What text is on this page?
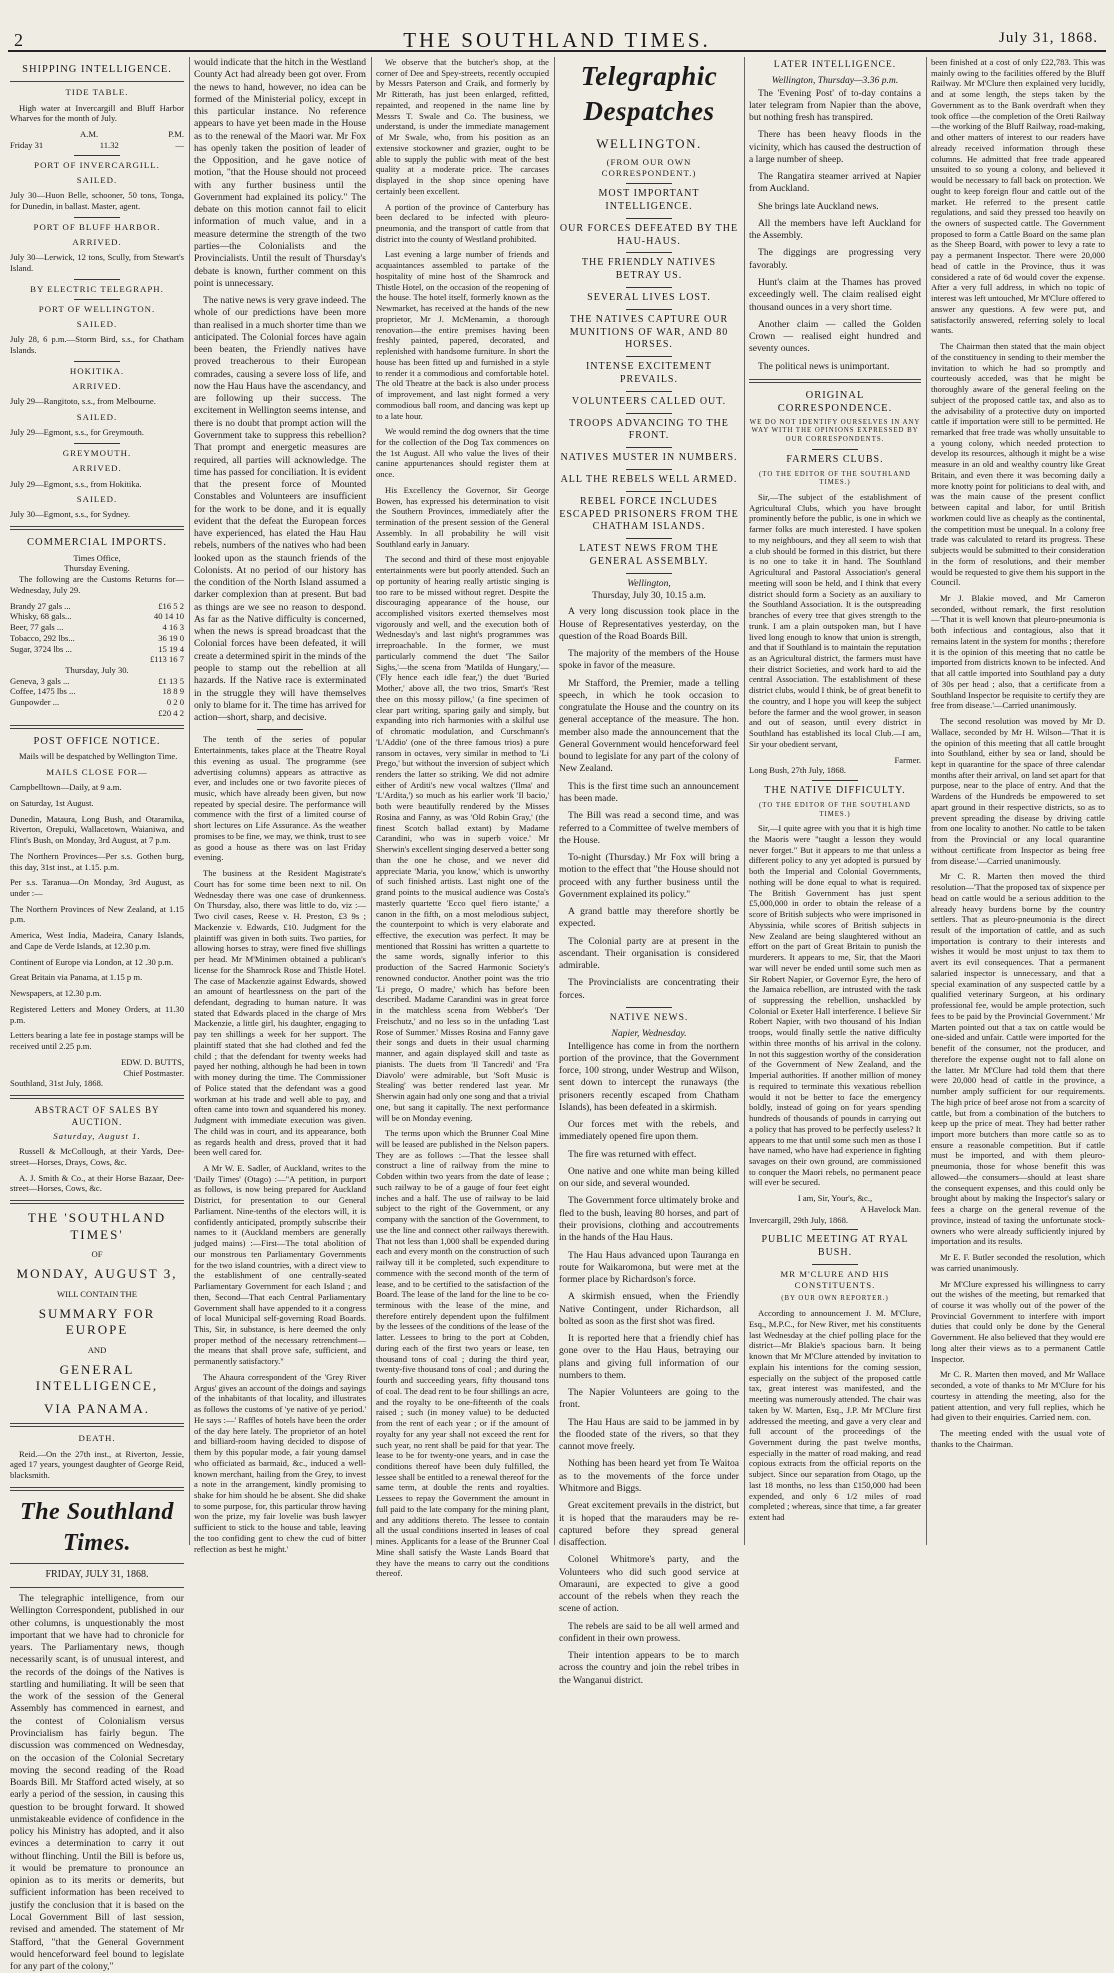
2	THE SOUTHLAND TIMES.	July 31, 1868.
SHIPPING INTELLIGENCE.
TIDE TABLE.

High water at Invercargill and Bluff Harbor Wharves for the month of July.

A.M.	P.M.
Friday 31	11.32	—
PORT OF INVERCARGILL.
SAILED.

July 30—Huon Belle, schooner, 50 tons, Tonga, for Dunedin, in ballast. Master, agent.

PORT OF BLUFF HARBOR.
ARRIVED.

July 30—Lerwick, 12 tons, Scully, from Stewart's Island.

BY ELECTRIC TELEGRAPH.
PORT OF WELLINGTON.
SAILED.

July 28, 6 p.m.—Storm Bird, s.s., for Chatham Islands.

HOKITIKA.
ARRIVED.

July 29—Rangitoto, s.s., from Melbourne.

SAILED.

July 29—Egmont, s.s., for Greymouth.

GREYMOUTH.
ARRIVED.

July 29—Egmont, s.s., from Hokitika.

SAILED.

July 30—Egmont, s.s., for Sydney.

COMMERCIAL IMPORTS.
Times Office,
Thursday Evening.

The following are the Customs Returns for—Wednesday, July 29.

Brandy 27 gals ...	£16 5 2
Whisky, 68 gals...	40 14 10
Beer, 77 gals ...	4 16 3
Tobacco, 292 lbs...	36 19 0
Sugar, 3724 lbs ...	15 19 4
£113 16 7
Thursday, July 30.
Geneva, 3 gals ...	£1 13 5
Coffee, 1475 lbs ...	18 8 9
Gunpowder ...	0 2 0
£20 4 2
POST OFFICE NOTICE.

Mails will be despatched by Wellington Time.

MAILS CLOSE FOR—

Campbelltown—Daily, at 9 a.m.

on Saturday, 1st August.

Dunedin, Mataura, Long Bush, and Otaramika, Riverton, Orepuki, Wallacetown, Waianiwa, and Flint's Bush, on Monday, 3rd August, at 7 p.m.

The Northern Provinces—Per s.s. Gothen burg, this day, 31st inst., at 1.15. p.m.

Per s.s. Taranua—On Monday, 3rd August, as under :—

The Northern Provinces of New Zealand, at 1.15 p.m.

America, West India, Madeira, Canary Islands, and Cape de Verde Islands, at 12.30 p.m.

Continent of Europe via London, at 12 .30 p.m.

Great Britain via Panama, at 1.15 p m.

Newspapers, at 12.30 p.m.

Registered Letters and Money Orders, at 11.30 p.m.

Letters bearing a late fee in postage stamps will be received until 2.25 p.m.

EDW. D. BUTTS,
Chief Postmaster.
Southland, 31st July, 1868.
ABSTRACT OF SALES BY AUCTION.
Saturday, August 1.

Russell & McCollough, at their Yards, Dee-street—Horses, Drays, Cows, &c.

A. J. Smith & Co., at their Horse Bazaar, Dee-street—Horses, Cows, &c.

THE 'SOUTHLAND TIMES'
OF
MONDAY, AUGUST 3,
WILL CONTAIN THE
SUMMARY FOR EUROPE
AND
GENERAL INTELLIGENCE,
VIA PANAMA.
DEATH.

Reid.—On the 27th inst., at Riverton, Jessie, aged 17 years, youngest daughter of George Reid, blacksmith.

The Southland Times.
FRIDAY, JULY 31, 1868.

The telegraphic intelligence, from our Wellington Correspondent, published in our other columns, is unquestionably the most important that we have had to chronicle for years. The Parliamentary news, though necessarily scant, is of unusual interest, and the records of the doings of the Natives is startling and humiliating. It will be seen that the work of the session of the General Assembly has commenced in earnest, and the contest of Colonialism versus Provincialism has fairly begun. The discussion was commenced on Wednesday, on the occasion of the Colonial Secretary moving the second reading of the Road Boards Bill. Mr Stafford acted wisely, at so early a period of the session, in causing this question to be brought forward. It showed unmistakeable evidence of confidence in the policy his Ministry has adopted, and it also evinces a determination to carry it out without flinching. Until the Bill is before us, it would be premature to pronounce an opinion as to its merits or demerits, but sufficient information has been received to justify the conclusion that it is based on the Local Government Bill of last session, revised and amended. The statement of Mr Stafford, "that the General Government would henceforward feel bound to legislate for any part of the colony,"

would indicate that the hitch in the Westland County Act had already been got over. From the news to hand, however, no idea can be formed of the Ministerial policy, except in this particular instance. No reference appears to have yet been made in the House as to the renewal of the Maori war. Mr Fox has openly taken the position of leader of the Opposition, and he gave notice of motion, "that the House should not proceed with any further business until the Government had explained its policy." The debate on this motion cannot fail to elicit information of much value, and in a measure determine the strength of the two parties—the Colonialists and the Provincialists. Until the result of Thursday's debate is known, further comment on this point is unnecessary.

The native news is very grave indeed. The whole of our predictions have been more than realised in a much shorter time than we anticipated. The Colonial forces have again been beaten, the Friendly natives have proved treacherous to their European comrades, causing a severe loss of life, and now the Hau Haus have the ascendancy, and are following up their success. The excitement in Wellington seems intense, and there is no doubt that prompt action will the Government take to suppress this rebellion? That prompt and energetic measures are required, all parties will acknowledge. The time has passed for conciliation. It is evident that the present force of Mounted Constables and Volunteers are insufficient for the work to be done, and it is equally evident that the defeat the European forces have experienced, has elated the Hau Hau rebels, numbers of the natives who had been looked upon as the staunch friends of the Colonists. At no period of our history has the condition of the North Island assumed a darker complexion than at present. But bad as things are we see no reason to despond. As far as the Native difficulty is concerned, when the news is spread broadcast that the Colonial forces have been defeated, it will create a determined spirit in the minds of the people to stamp out the rebellion at all hazards. If the Native race is exterminated in the struggle they will have themselves only to blame for it. The time has arrived for action—short, sharp, and decisive.

The tenth of the series of popular Entertainments, takes place at the Theatre Royal this evening as usual. The programme (see advertising columns) appears as attractive as ever, and includes one or two favorite pieces of music, which have already been given, but now repeated by special desire. The performance will commence with the first of a limited course of short lectures on Life Assurance. As the weather promises to be fine, we may, we think, trust to see as good a house as there was on last Friday evening.

The business at the Resident Magistrate's Court has for some time been next to nil. On Wednesday there was one case of drunkenness. On Thursday, also, there was little to do, viz :—Two civil cases, Reese v. H. Preston, £3 9s ; Mackenzie v. Edwards, £10. Judgment for the plaintiff was given in both suits. Two parties, for allowing horses to stray, were fined five shillings per head. Mr M'Minimen obtained a publican's license for the Shamrock Rose and Thistle Hotel. The case of Mackenzie against Edwards, showed an amount of heartlessness on the part of the defendant, degrading to human nature. It was stated that Edwards placed in the charge of Mrs Mackenzie, a little girl, his daughter, engaging to pay ten shillings a week for her support. The plaintiff stated that she had clothed and fed the child ; that the defendant for twenty weeks had payed her nothing, although he had been in town with money during the time. The Commissioner of Police stated that the defendant was a good workman at his trade and well able to pay, and often came into town and squandered his money. Judgment with immediate execution was given. The child was in court, and its appearance, both as regards health and dress, proved that it had been well cared for.

A Mr W. E. Sadler, of Auckland, writes to the 'Daily Times' (Otago) :—"A petition, in purport as follows, is now being prepared for Auckland District, for presentation to our General Parliament. Nine-tenths of the electors will, it is confidently anticipated, promptly subscribe their names to it (Auckland members are generally judged mains) :—First—The total abolition of our monstrous ten Parliamentary Governments for the two island countries, with a direct view to the establishment of one centrally-seated Parliamentary Government for each Island ; and then, Second—That each Central Parliamentary Government shall have appended to it a congress of local Municipal self-governing Road Boards. This, Sir, in substance, is here deemed the only proper method of the necessary retrenchment—the means that shall prove safe, sufficient, and permanently satisfactory."

The Ahaura correspondent of the 'Grey River Argus' gives an account of the doings and sayings of the inhabitants of that locality, and illustrates as follows the customs of 'ye native of ye period.' He says :—' Raffles of hotels have been the order of the day here lately. The proprietor of an hotel and billiard-room having decided to dispose of them by this popular mode, a fair young damsel who officiated as barmaid, &c., induced a well-known merchant, hailing from the Grey, to invest a note in the arrangement, kindly promising to shake for him should he be absent. She did shake to some purpose, for, this particular throw having won the prize, my fair lovelie was bush lawyer sufficient to stick to the house and table, leaving the too confiding gent to chew the cud of bitter reflection as best he might.'

We observe that the butcher's shop, at the corner of Dee and Spey-streets, recently occupied by Messrs Paterson and Craik, and formerly by Mr Ritterath, has just been enlarged, refitted, repainted, and reopened in the name line by Messrs T. Swale and Co. The business, we understand, is under the immediate management of Mr Swale, who, from his position as an extensive stockowner and grazier, ought to be able to supply the public with meat of the best quality at a moderate price. The carcases displayed in the shop since opening have certainly been excellent.

A portion of the province of Canterbury has been declared to be infected with pleuro-pneumonia, and the transport of cattle from that district into the county of Westland prohibited.

Last evening a large number of friends and acquaintances assembled to partake of the hospitality of mine host of the Shamrock and Thistle Hotel, on the occasion of the reopening of the house. The hotel itself, formerly known as the Newmarket, has received at the hands of the new proprietor, Mr J. McMenamin, a thorough renovation—the entire premises having been freshly painted, papered, decorated, and replenished with handsome furniture. In short the house has been fitted up and furnished in a style to render it a commodious and comfortable hotel. The old Theatre at the back is also under process of improvement, and last night formed a very commodious ball room, and dancing was kept up to a late hour.

We would remind the dog owners that the time for the collection of the Dog Tax commences on the 1st August. All who value the lives of their canine appurtenances should register them at once.

His Excellency the Governor, Sir George Bowen, has expressed his determination to visit the Southern Provinces, immediately after the termination of the present session of the General Assembly. In all probability he will visit Southland early in January.

The second and third of these most enjoyable entertainments were but poorly attended. Such an op portunity of hearing really artistic singing is too rare to be missed without regret. Despite the discouraging appearance of the house, our accomplished visitors exerted themselves most vigorously and well, and the execution both of Wednesday's and last night's programmes was irreproachable. In the former, we must particularly commend the duet 'The Sailor Sighs,'—the scena from 'Matilda of Hungary,'—('Fly hence each idle fear,') the duet 'Buried Mother,' above all, the two trios, Smart's 'Rest thee on this mossy pillow,' (a fine specimen of clear part writing, sparing gaily and simply, but expanding into rich harmonies with a skilful use of chromatic modulation, and Curschmann's 'L'Addio' (one of the three famous trios) a pure ransom in octaves, very similar in method to 'Li Prego,' but without the inversion of subject which renders the latter so striking. We did not admire either of Arditi's new vocal waltzes ('Ilma' and 'L'Ardita,') so much as his earlier work 'Il bacio,' both were beautifully rendered by the Misses Rosina and Fanny, as was 'Old Robin Gray,' (the finest Scotch ballad extant) by Madame Carandini, who was in superb voice.' Mr Sherwin's excellent singing deserved a better song than the one he chose, and we never did appreciate 'Maria, you know,' which is unworthy of such finished artists. Last night one of the grand points to the musical audience was Costa's masterly quartette 'Ecco quel fiero istante,' a canon in the fifth, on a most melodious subject, the counterpoint to which is very elaborate and effective, the execution was perfect. It may be mentioned that Rossini has written a quartette to the same words, signally inferior to this production of the Sacred Harmonic Society's renowned conductor. Another point was the trio 'Li prego, O madre,' which has before been described. Madame Carandini was in great force in the matchless scena from Webber's 'Der Freischutz,' and no less so in the unfading 'Last Rose of Summer.' Misses Rosina and Fanny gave their songs and duets in their usual charming manner, and again displayed skill and taste as pianists. The duets from 'Il Tancredi' and 'Fra Diavolo' were admirable, but 'Soft Music is Stealing' was better rendered last year. Mr Sherwin again had only one song and that a trivial one, but sang it capitally. The next performance will be on Monday evening.

The terms upon which the Brunner Coal Mine will be leased are published in the Nelson papers. They are as follows :—That the lessee shall construct a line of railway from the mine to Cobden within two years from the date of lease ; such railway to be of a gauge of four feet eight inches and a half. The use of railway to be laid subject to the right of the Government, or any company with the sanction of the Government, to use the line and connect other railways therewith. That not less than 1,000 shall be expended during each and every month on the construction of such railway till it be completed, such expenditure to commence with the second month of the term of lease, and to be certified to the satisfaction of the Board. The lease of the land for the line to be co-terminous with the lease of the mine, and therefore entirely dependent upon the fulfilment by the lessees of the conditions of the lease of the latter. Lessees to bring to the port at Cobden, during each of the first two years or lease, ten thousand tons of coal ; during the third year, twenty-five thousand tons of coal ; and during the fourth and succeeding years, fifty thousand tons of coal. The dead rent to be four shillings an acre, and the royalty to be one-fifteenth of the coals raised ; such (in money value) to be deducted from the rent of each year ; or if the amount of royalty for any year shall not exceed the rent for such year, no rent shall be paid for that year. The lease to be for twenty-one years, and in case the conditions thereof have been duly fulfilled, the lessee shall be entitled to a renewal thereof for the same term, at double the rents and royalties. Lessees to repay the Government the amount in full paid to the late company for the mining plant, and any additions thereto. The lessee to contain all the usual conditions inserted in leases of coal mines. Applicants for a lease of the Brunner Coal Mine shall satisfy the Waste Lands Board that they have the means to carry out the conditions thereof.

Telegraphic Despatches
WELLINGTON.
(FROM OUR OWN CORRESPONDENT.)
MOST IMPORTANT INTELLIGENCE.
OUR FORCES DEFEATED BY THE HAU-HAUS.
THE FRIENDLY NATIVES BETRAY US.
SEVERAL LIVES LOST.
THE NATIVES CAPTURE OUR MUNITIONS OF WAR, AND 80 HORSES.
INTENSE EXCITEMENT PREVAILS.
VOLUNTEERS CALLED OUT.
TROOPS ADVANCING TO THE FRONT.
NATIVES MUSTER IN NUMBERS.
ALL THE REBELS WELL ARMED.
REBEL FORCE INCLUDES ESCAPED PRISONERS FROM THE CHATHAM ISLANDS.
LATEST NEWS FROM THE GENERAL ASSEMBLY.
Wellington,
Thursday, July 30, 10.15 a.m.

A very long discussion took place in the House of Representatives yesterday, on the question of the Road Boards Bill.

The majority of the members of the House spoke in favor of the measure.

Mr Stafford, the Premier, made a telling speech, in which he took occasion to congratulate the House and the country on its general acceptance of the measure. The hon. member also made the announcement that the General Government would henceforward feel bound to legislate for any part of the colony of New Zealand.

This is the first time such an announcement has been made.

The Bill was read a second time, and was referred to a Committee of twelve members of the House.

To-night (Thursday.) Mr Fox will bring a motion to the effect that "the House should not proceed with any further business until the Government explained its policy."

A grand battle may therefore shortly be expected.

The Colonial party are at present in the ascendant. Their organisation is considered admirable.

The Provincialists are concentrating their forces.

NATIVE NEWS.
Napier, Wednesday.

Intelligence has come in from the northern portion of the province, that the Government force, 100 strong, under Westrup and Wilson, sent down to intercept the runaways (the prisoners recently escaped from Chatham Islands), has been defeated in a skirmish.

Our forces met with the rebels, and immediately opened fire upon them.

The fire was returned with effect.

One native and one white man being killed on our side, and several wounded.

The Government force ultimately broke and fled to the bush, leaving 80 horses, and part of their provisions, clothing and accoutrements in the hands of the Hau Haus.

The Hau Haus advanced upon Tauranga en route for Waikaromona, but were met at the former place by Richardson's force.

A skirmish ensued, when the Friendly Native Contingent, under Richardson, all bolted as soon as the first shot was fired.

It is reported here that a friendly chief has gone over to the Hau Haus, betraying our plans and giving full information of our numbers to them.

The Napier Volunteers are going to the front.

The Hau Haus are said to be jammed in by the flooded state of the rivers, so that they cannot move freely.

Nothing has been heard yet from Te Waitoa as to the movements of the force under Whitmore and Biggs.

Great excitement prevails in the district, but it is hoped that the marauders may be re-captured before they spread general disaffection.

Colonel Whitmore's party, and the Volunteers who did such good service at Omarauni, are expected to give a good account of the rebels when they reach the scene of action.

The rebels are said to be all well armed and confident in their own prowess.

Their intention appears to be to march across the country and join the rebel tribes in the Wanganui district.

LATER INTELLIGENCE.
Wellington, Thursday—3.36 p.m.

The 'Evening Post' of to-day contains a later telegram from Napier than the above, but nothing fresh has transpired.

There has been heavy floods in the vicinity, which has caused the destruction of a large number of sheep.

The Rangatira steamer arrived at Napier from Auckland.

She brings late Auckland news.

All the members have left Auckland for the Assembly.

The diggings are progressing very favorably.

Hunt's claim at the Thames has proved exceedingly well. The claim realised eight thousand ounces in a very short time.

Another claim — called the Golden Crown — realised eight hundred and seventy ounces.

The political news is unimportant.

ORIGINAL CORRESPONDENCE.
WE DO NOT IDENTIFY OURSELVES IN ANY WAY WITH THE OPINIONS EXPRESSED BY OUR CORRESPONDENTS.
FARMERS CLUBS.
(TO THE EDITOR OF THE SOUTHLAND TIMES.)

Sir,—The subject of the establishment of Agricultural Clubs, which you have brought prominently before the public, is one in which we farmer folks are much interested. I have spoken to my neighbours, and they all seem to wish that a club should be formed in this district, but there is no one to take it in hand. The Southland Agricultural and Pastoral Association's general meeting will soon be held, and I think that every district should form a Society as an auxiliary to the Southland Association. It is the outspreading branches of every tree that gives strength to the trunk. I am a plain outspoken man, but I have lived long enough to know that union is strength, and that if Southland is to maintain the reputation as an Agricultural district, the farmers must have their district Societies, and work hard to aid the central Association. The establishment of these district clubs, would I think, be of great benefit to the country, and I hope you will keep the subject before the farmer and the wool grower, in season and out of season, until every district in Southland has established its local Club.—I am, Sir your obedient servant,

Farmer.
Long Bush, 27th July, 1868.
THE NATIVE DIFFICULTY.
(TO THE EDITOR OF THE SOUTHLAND TIMES.)

Sir,—I quite agree with you that it is high time the Maoris were "taught a lesson they would never forget." But it appears to me that unless a different policy to any yet adopted is pursued by both the Imperial and Colonial Governments, nothing will be done equal to what is required. The British Government has just spent £5,000,000 in order to obtain the release of a score of British subjects who were imprisoned in Abyssinia, while scores of British subjects in New Zealand are being slaughtered without an effort on the part of Great Britain to punish the murderers. It appears to me, Sir, that the Maori war will never be ended until some such men as Sir Robert Napier, or Governor Eyre, the hero of the Jamaica rebellion, are intrusted with the task of suppressing the rebellion, unshackled by Colonial or Exeter Hall interference. I believe Sir Robert Napier, with two thousand of his Indian troops, would finally settle the native difficulty within three months of his arrival in the colony. In not this suggestion worthy of the consideration of the Government of New Zealand, and the Imperial authorities. If another million of money is required to terminate this vexatious rebellion would it not be better to face the emergency boldly, instead of going on for years spending hundreds of thousands of pounds in carrying out a policy that has proved to be perfectly useless? It appears to me that until some such men as those I have named, who have had experience in fighting savages on their own ground, are commissioned to conquer the Maori rebels, no permanent peace will ever be secured.

I am, Sir, Your's, &c.,
A Havelock Man.
Invercargill, 29th July, 1868.
PUBLIC MEETING AT RYAL BUSH.
MR M'CLURE AND HIS CONSTITUENTS.
(BY OUR OWN REPORTER.)

According to announcement J. M. M'Clure, Esq., M.P.C., for New River, met his constituents last Wednesday at the chief polling place for the district—Mr Blakie's spacious barn. It being known that Mr M'Clure attended by invitation to explain his intentions for the coming session, especially on the subject of the proposed cattle tax, great interest was manifested, and the meeting was numerously attended. The chair was taken by W. Marten, Esq., J.P. Mr M'Clure first addressed the meeting, and gave a very clear and full account of the proceedings of the Government during the past twelve months, especially in the matter of road making, and read copious extracts from the official reports on the subject. Since our separation from Otago, up the last 18 months, no less than £150,000 had been expended, and only 6 1/2 miles of road completed ; whereas, since that time, a far greater extent had

been finished at a cost of only £22,783. This was mainly owing to the facilities offered by the Bluff Railway. Mr M'Clure then explained very lucidly, and at some length, the steps taken by the Government as to the Bank overdraft when they took office —the completion of the Oreti Railway—the working of the Bluff Railway, road-making, and other matters of interest to our readers have already received information through these columns. He admitted that free trade appeared unsuited to so young a colony, and believed it would be necessary to fall back on protection. We ought to keep foreign flour and cattle out of the market. He referred to the present cattle regulations, and said they pressed too heavily on the owners of suspected cattle. The Government proposed to form a Cattle Board on the same plan as the Sheep Board, with power to levy a rate to pay a permanent Inspector. There were 20,000 head of cattle in the Province, thus it was considered a rate of 6d would cover the expense. After a very full address, in which no topic of interest was left untouched, Mr M'Clure offered to answer any questions. A few were put, and satisfactorily answered, referring solely to local wants.

The Chairman then stated that the main object of the constituency in sending to their member the invitation to which he had so promptly and courteously acceded, was that he might be thoroughly aware of the general feeling on the subject of the proposed cattle tax, and also as to the advisability of a protective duty on imported cattle if importation were still to be permitted. He remarked that free trade was wholly unsuitable to a young colony, which needed protection to develop its resources, although it might be a wise measure in an old and wealthy country like Great Britain, and even there it was becoming daily a more knotty point for politicians to deal with, and was the main cause of the present conflict between capital and labor, for until British workmen could live as cheaply as the continental, the competition must be unequal. In a colony free trade was calculated to retard its progress. These subjects would be submitted to their consideration in the form of resolutions, and their member would be requested to give them his support in the Council.

Mr J. Blakie moved, and Mr Cameron seconded, without remark, the first resolution—'That it is well known that pleuro-pneumonia is both infectious and contagious, also that it remains latent in the system for months ; therefore it is the opinion of this meeting that no cattle be imported from districts known to be infected. And that all cattle imported into Southland pay a duty of 30s per head ; also, that a certificate from a Southland Inspector be requisite to certify they are free from disease.'—Carried unanimously.

The second resolution was moved by Mr D. Wallace, seconded by Mr H. Wilson—'That it is the opinion of this meeting that all cattle brought into Southland, either by sea or land, should be kept in quarantine for the space of three calendar months after their arrival, on land set apart for that purpose, near to the place of entry. And that the Wardens of the Hundreds be empowered to set apart ground in their respective districts, so as to prevent spreading the disease by driving cattle from one locality to another. No cattle to be taken from the Provincial or any local quarantine without certificate from Inspector as being free from disease.'—Carried unanimously.

Mr C. R. Marten then moved the third resolution—'That the proposed tax of sixpence per head on cattle would be a serious addition to the already heavy burdens borne by the country settlers. That as pleuro-pneumonia is the direct result of the importation of cattle, and as such importation is contrary to their interests and wishes it would be most unjust to tax them to avert its evil consequences. That a permanent salaried inspector is unnecessary, and that a special examination of any suspected cattle by a qualified veterinary Surgeon, at his ordinary professional fee, would be ample protection, such fees to be paid by the Provincial Government.' Mr Marten pointed out that a tax on cattle would be one-sided and unfair. Cattle were imported for the benefit of the consumer, not the producer, and therefore the expense ought not to fall alone on the latter. Mr M'Clure had told them that there were 20,000 head of cattle in the province, a number amply sufficient for our requirements. The high price of beef arose not from a scarcity of cattle, but from a combination of the butchers to keep up the price of meat. They had better rather import more butchers than more cattle so as to ensure a reasonable competition. But if cattle must be imported, and with them pleuro-pneumonia, those for whose benefit this was allowed—the consumers—should at least share the consequent expenses, and this could only be brought about by making the Inspector's salary or fees a charge on the general revenue of the province, instead of taxing the unfortunate stock-owners who were already sufficiently injured by importation and its results.

Mr E. F. Butler seconded the resolution, which was carried unanimously.

Mr M'Clure expressed his willingness to carry out the wishes of the meeting, but remarked that of course it was wholly out of the power of the Provincial Government to interfere with import duties that could only be done by the General Government. He also believed that they would ere long alter their views as to a permanent Cattle Inspector.

Mr C. R. Marten then moved, and Mr Wallace seconded, a vote of thanks to Mr M'Clure for his courtesy in attending the meeting, also for the patient attention, and very full replies, which he had given to their enquiries. Carried nem. con.

The meeting ended with the usual vote of thanks to the Chairman.
